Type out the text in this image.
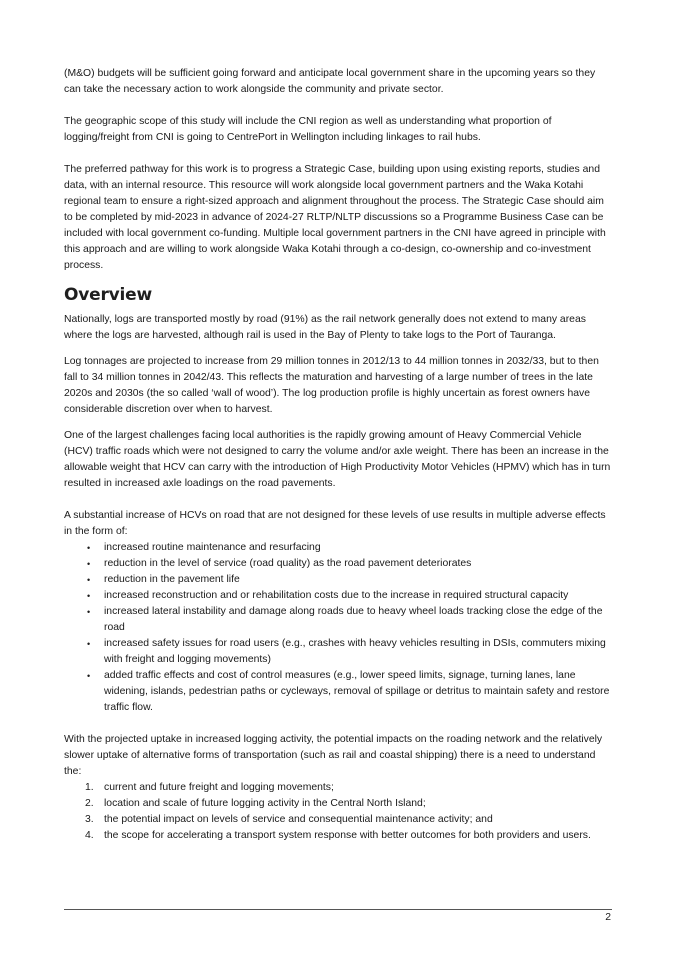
(M&O) budgets will be sufficient going forward and anticipate local government share in the upcoming years so they can take the necessary action to work alongside the community and private sector.

The geographic scope of this study will include the CNI region as well as understanding what proportion of logging/freight from CNI is going to CentrePort in Wellington including linkages to rail hubs.

The preferred pathway for this work is to progress a Strategic Case, building upon using existing reports, studies and data, with an internal resource. This resource will work alongside local government partners and the Waka Kotahi regional team to ensure a right-sized approach and alignment throughout the process. The Strategic Case should aim to be completed by mid-2023 in advance of 2024-27 RLTP/NLTP discussions so a Programme Business Case can be included with local government co-funding. Multiple local government partners in the CNI have agreed in principle with this approach and are willing to work alongside Waka Kotahi through a co-design, co-ownership and co-investment process.

Overview

Nationally, logs are transported mostly by road (91%) as the rail network generally does not extend to many areas where the logs are harvested, although rail is used in the Bay of Plenty to take logs to the Port of Tauranga.

Log tonnages are projected to increase from 29 million tonnes in 2012/13 to 44 million tonnes in 2032/33, but to then fall to 34 million tonnes in 2042/43. This reflects the maturation and harvesting of a large number of trees in the late 2020s and 2030s (the so called ‘wall of wood’). The log production profile is highly uncertain as forest owners have considerable discretion over when to harvest.

One of the largest challenges facing local authorities is the rapidly growing amount of Heavy Commercial Vehicle (HCV) traffic roads which were not designed to carry the volume and/or axle weight. There has been an increase in the allowable weight that HCV can carry with the introduction of High Productivity Motor Vehicles (HPMV) which has in turn resulted in increased axle loadings on the road pavements.

A substantial increase of HCVs on road that are not designed for these levels of use results in multiple adverse effects in the form of:

• increased routine maintenance and resurfacing
• reduction in the level of service (road quality) as the road pavement deteriorates
• reduction in the pavement life
• increased reconstruction and or rehabilitation costs due to the increase in required structural capacity
• increased lateral instability and damage along roads due to heavy wheel loads tracking close the edge of the road
• increased safety issues for road users (e.g., crashes with heavy vehicles resulting in DSIs, commuters mixing with freight and logging movements)
• added traffic effects and cost of control measures (e.g., lower speed limits, signage, turning lanes, lane widening, islands, pedestrian paths or cycleways, removal of spillage or detritus to maintain safety and restore traffic flow.

With the projected uptake in increased logging activity, the potential impacts on the roading network and the relatively slower uptake of alternative forms of transportation (such as rail and coastal shipping) there is a need to understand the:

1. current and future freight and logging movements;
2. location and scale of future logging activity in the Central North Island;
3. the potential impact on levels of service and consequential maintenance activity; and
4. the scope for accelerating a transport system response with better outcomes for both providers and users.
2
